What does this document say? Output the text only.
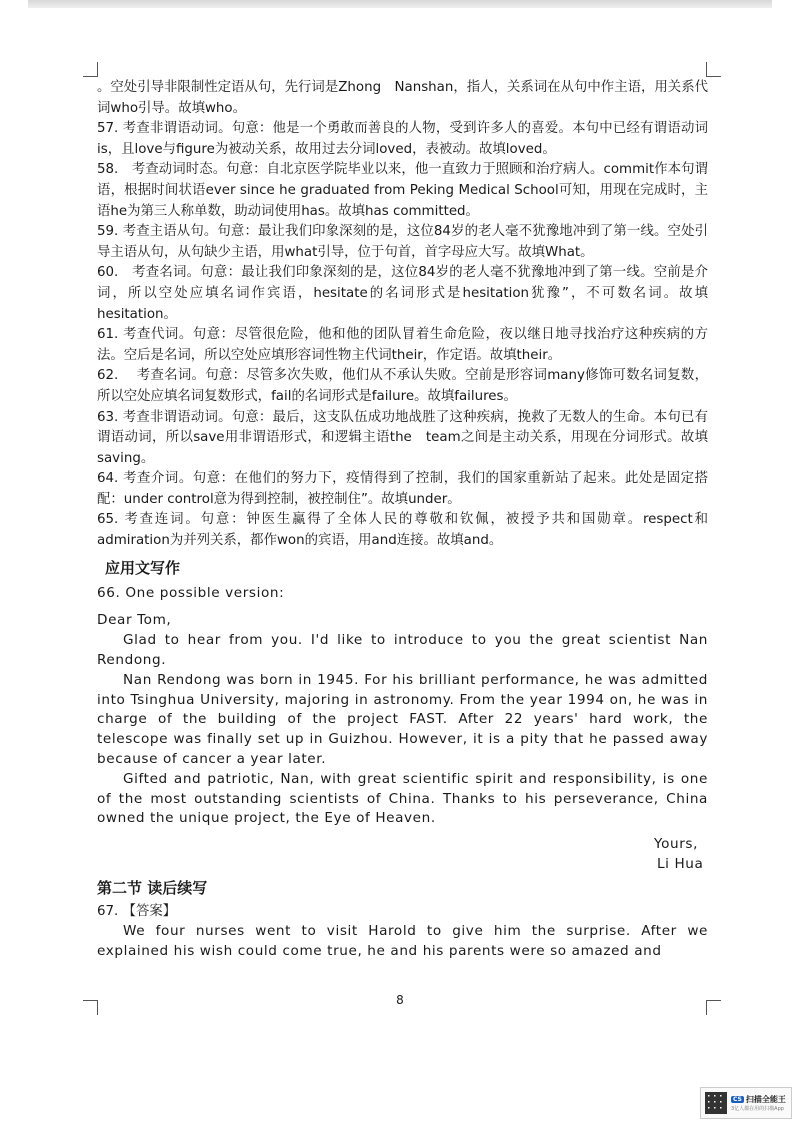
。空处引导非限制性定语从句，先行词是Zhong　Nanshan，指人，关系词在从句中作主语，用关系代词who引导。故填who。

57. 考查非谓语动词。句意：他是一个勇敢而善良的人物，受到许多人的喜爱。本句中已经有谓语动词is，且love与figure为被动关系，故用过去分词loved，表被动。故填loved。

58.　考查动词时态。句意：自北京医学院毕业以来，他一直致力于照顾和治疗病人。commit作本句谓语，根据时间状语ever since he graduated from Peking Medical School可知，用现在完成时，主语he为第三人称单数，助动词使用has。故填has committed。

59. 考查主语从句。句意：最让我们印象深刻的是，这位84岁的老人毫不犹豫地冲到了第一线。空处引导主语从句，从句缺少主语，用what引导，位于句首，首字母应大写。故填What。

60.　考查名词。句意：最让我们印象深刻的是，这位84岁的老人毫不犹豫地冲到了第一线。空前是介词，所以空处应填名词作宾语，hesitate的名词形式是hesitation犹豫”，不可数名词。故填hesitation。

61. 考查代词。句意：尽管很危险，他和他的团队冒着生命危险，夜以继日地寻找治疗这种疾病的方法。空后是名词，所以空处应填形容词性物主代词their，作定语。故填their。

62.　 考查名词。句意：尽管多次失败，他们从不承认失败。空前是形容词many修饰可数名词复数，所以空处应填名词复数形式，fail的名词形式是failure。故填failures。

63. 考查非谓语动词。句意：最后，这支队伍成功地战胜了这种疾病，挽救了无数人的生命。本句已有谓语动词，所以save用非谓语形式，和逻辑主语the　team之间是主动关系，用现在分词形式。故填saving。

64. 考查介词。句意：在他们的努力下，疫情得到了控制，我们的国家重新站了起来。此处是固定搭配：under control意为得到控制，被控制住”。故填under。

65. 考查连词。句意：钟医生赢得了全体人民的尊敬和钦佩，被授予共和国勋章。respect和admiration为并列关系，都作won的宾语，用and连接。故填and。

应用文写作

66. One possible version:

Dear Tom,

Glad to hear from you. I'd like to introduce to you the great scientist Nan Rendong.

Nan Rendong was born in 1945. For his brilliant performance, he was admitted into Tsinghua University, majoring in astronomy. From the year 1994 on, he was in charge of the building of the project FAST. After 22 years' hard work, the telescope was finally set up in Guizhou. However, it is a pity that he passed away because of cancer a year later.

Gifted and patriotic, Nan, with great scientific spirit and responsibility, is one of the most outstanding scientists of China. Thanks to his perseverance, China owned the unique project, the Eye of Heaven.

Yours,

Li Hua

第二节 读后续写

67. 【答案】

We four nurses went to visit Harold to give him the surprise. After we explained his wish could come true, he and his parents were so amazed and

8
CS 扫描全能王
3亿人都在用的扫描App
